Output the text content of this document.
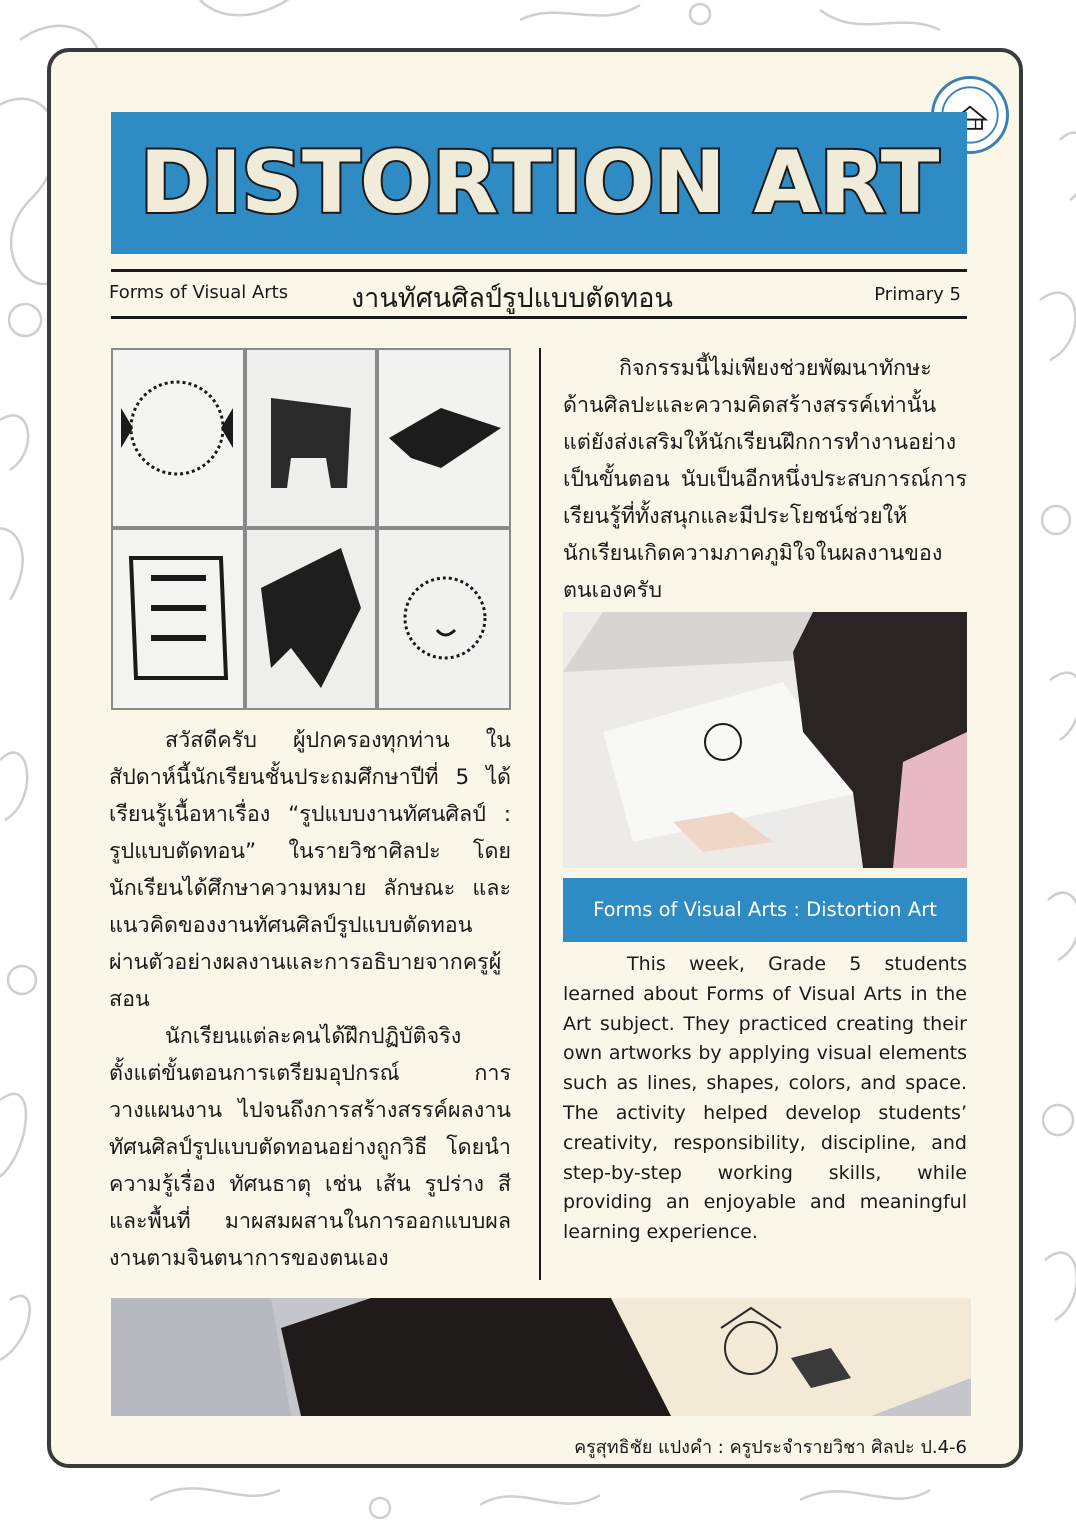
DISTORTION ART
Forms of Visual Arts งานทัศนศิลป์รูปแบบตัดทอน	Primary 5

สวัสดีครับ ผู้ปกครองทุกท่าน ในสัปดาห์นี้นักเรียนชั้นประถมศึกษาปีที่ 5 ได้เรียนรู้เนื้อหาเรื่อง “รูปแบบงานทัศนศิลป์ : รูปแบบตัดทอน” ในรายวิชาศิลปะ โดยนักเรียนได้ศึกษาความหมาย ลักษณะ และแนวคิดของงานทัศนศิลป์รูปแบบตัดทอน ผ่านตัวอย่างผลงานและการอธิบายจากครูผู้สอน

นักเรียนแต่ละคนได้ฝึกปฏิบัติจริง ตั้งแต่ขั้นตอนการเตรียมอุปกรณ์ การวางแผนงาน ไปจนถึงการสร้างสรรค์ผลงานทัศนศิลป์รูปแบบตัดทอนอย่างถูกวิธี โดยนำความรู้เรื่อง ทัศนธาตุ เช่น เส้น รูปร่าง สี และพื้นที่ มาผสมผสานในการออกแบบผลงานตามจินตนาการของตนเอง

กิจกรรมนี้ไม่เพียงช่วยพัฒนาทักษะด้านศิลปะและความคิดสร้างสรรค์เท่านั้น แต่ยังส่งเสริมให้นักเรียนฝึกการทำงานอย่างเป็นขั้นตอน นับเป็นอีกหนึ่งประสบการณ์การเรียนรู้ที่ทั้งสนุกและมีประโยชน์ช่วยให้นักเรียนเกิดความภาคภูมิใจในผลงานของตนเองครับ

Forms of Visual Arts : Distortion Art

This week, Grade 5 students learned about Forms of Visual Arts in the Art subject. They practiced creating their own artworks by applying visual elements such as lines, shapes, colors, and space. The activity helped develop students’ creativity, responsibility, discipline, and step-by-step working skills, while providing an enjoyable and meaningful learning experience.

ครูสุทธิชัย แปงคำ : ครูประจำรายวิชา ศิลปะ ป.4-6
